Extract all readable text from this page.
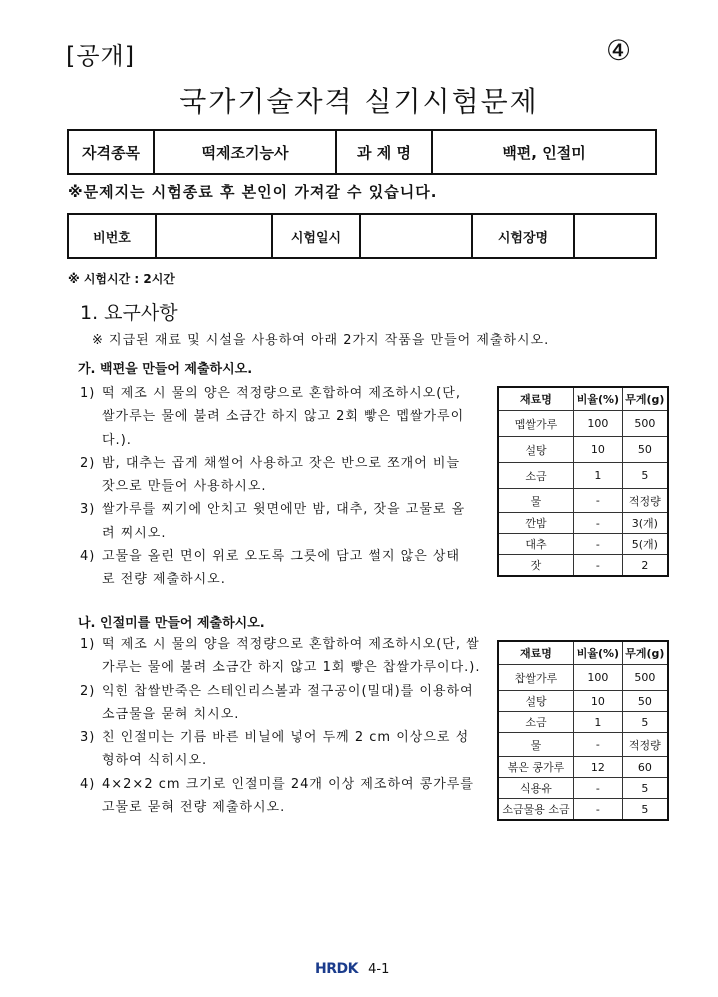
[공개]	④
국가기술자격 실기시험문제
자격종목	떡제조기능사	과 제 명	백편, 인절미
※문제지는 시험종료 후 본인이 가져갈 수 있습니다.
비번호		시험일시		시험장명	
※ 시험시간 : 2시간
1. 요구사항
※ 지급된 재료 및 시설을 사용하여 아래 2가지 작품을 만들어 제출하시오.
가. 백편을 만들어 제출하시오.
1) 떡 제조 시 물의 양은 적정량으로 혼합하여 제조하시오(단, 쌀가루는 물에 불려 소금간 하지 않고 2회 빻은 멥쌀가루이다.).
2) 밤, 대추는 곱게 채썰어 사용하고 잣은 반으로 쪼개어 비늘잣으로 만들어 사용하시오.
3) 쌀가루를 찌기에 안치고 윗면에만 밤, 대추, 잣을 고물로 올려 찌시오.
4) 고물을 올린 면이 위로 오도록 그릇에 담고 썰지 않은 상태로 전량 제출하시오.
재료명	비율(%)	무게(g)
멥쌀가루	100	500
설탕	10	50
소금	1	5
물	-	적정량
깐밤	-	3(개)
대추	-	5(개)
잣	-	2
나. 인절미를 만들어 제출하시오.
1) 떡 제조 시 물의 양을 적정량으로 혼합하여 제조하시오(단, 쌀가루는 물에 불려 소금간 하지 않고 1회 빻은 찹쌀가루이다.).
2) 익힌 찹쌀반죽은 스테인리스볼과 절구공이(밀대)를 이용하여 소금물을 묻혀 치시오.
3) 친 인절미는 기름 바른 비닐에 넣어 두께 2 cm 이상으로 성형하여 식히시오.
4) 4×2×2 cm 크기로 인절미를 24개 이상 제조하여 콩가루를 고물로 묻혀 전량 제출하시오.
재료명	비율(%)	무게(g)
찹쌀가루	100	500
설탕	10	50
소금	1	5
물	-	적정량
볶은 콩가루	12	60
식용유	-	5
소금물용 소금	-	5
HRDK 4-1
